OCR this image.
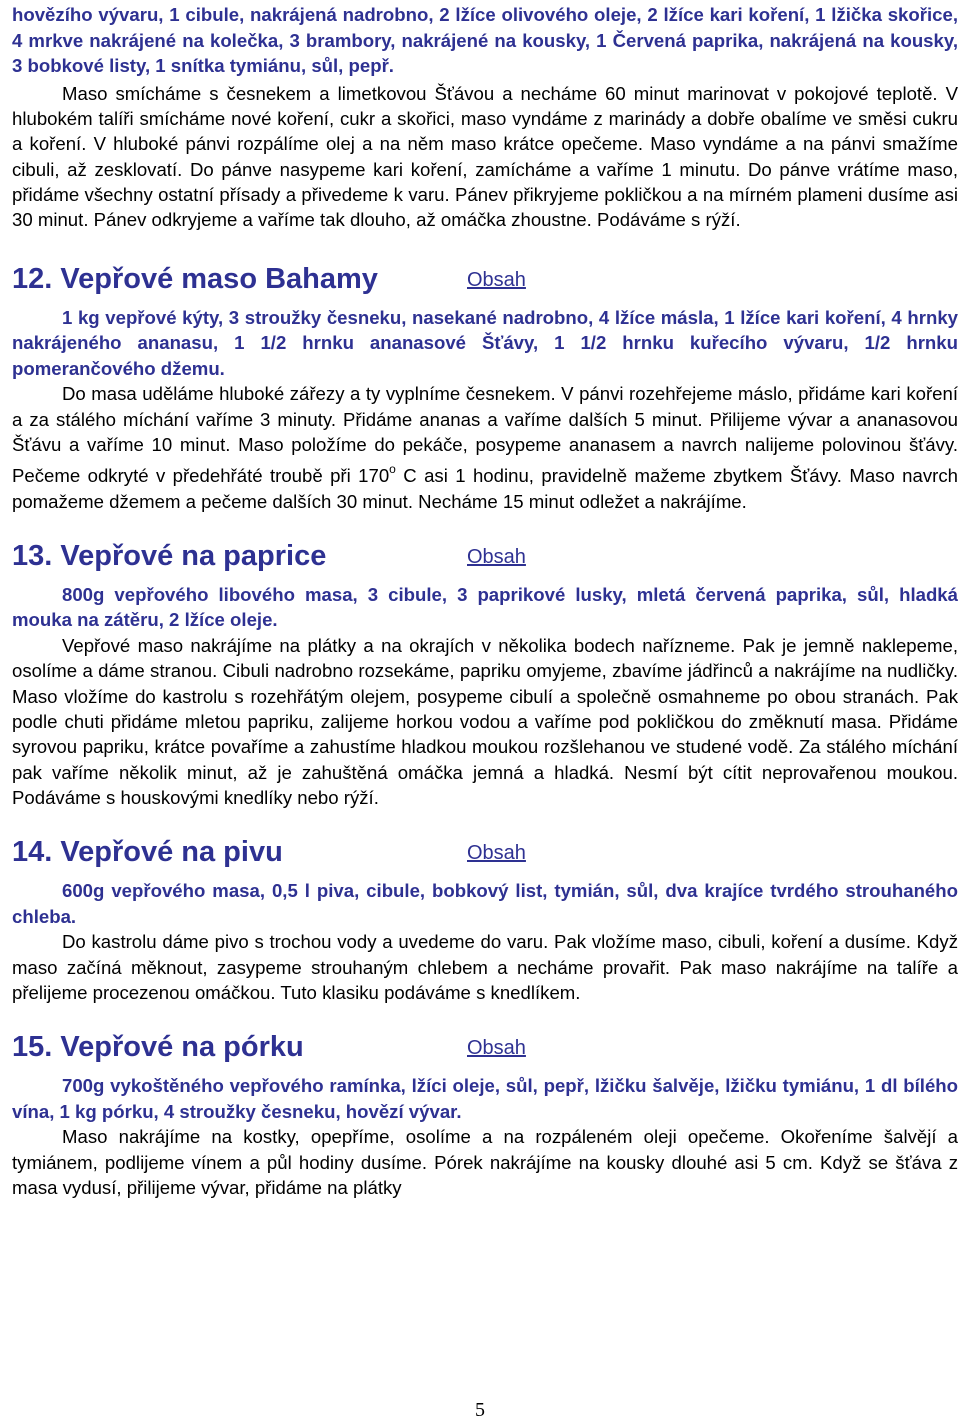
hovězího vývaru, 1 cibule, nakrájená nadrobno, 2 lžíce olivového oleje, 2 lžíce kari koření, 1 lžička skořice, 4 mrkve nakrájené na kolečka, 3 brambory, nakrájené na kousky, 1 Červená paprika, nakrájená na kousky, 3 bobkové listy, 1 snítka tymiánu, sůl, pepř.

Maso smícháme s česnekem a limetkovou Šťávou a necháme 60 minut marinovat v pokojové teplotě. V hlubokém talíři smícháme nové koření, cukr a skořici, maso vyndáme z marinády a dobře obalíme ve směsi cukru a koření. V hluboké pánvi rozpálíme olej a na něm maso krátce opečeme. Maso vyndáme a na pánvi smažíme cibuli, až zesklovatí. Do pánve nasypeme kari koření, zamícháme a vaříme 1 minutu. Do pánve vrátíme maso, přidáme všechny ostatní přísady a přivedeme k varu. Pánev přikryjeme pokličkou a na mírném plameni dusíme asi 30 minut. Pánev odkryjeme a vaříme tak dlouho, až omáčka zhoustne. Podáváme s rýží.

12. Vepřové maso Bahamy	Obsah

1 kg vepřové kýty, 3 stroužky česneku, nasekané nadrobno, 4 lžíce másla, 1 lžíce kari koření, 4 hrnky nakrájeného ananasu, 1 1/2 hrnku ananasové Šťávy, 1 1/2 hrnku kuřecího vývaru, 1/2 hrnku pomerančového džemu.

Do masa uděláme hluboké zářezy a ty vyplníme česnekem. V pánvi rozehřejeme máslo, přidáme kari koření a za stálého míchání vaříme 3 minuty. Přidáme ananas a vaříme dalších 5 minut. Přilijeme vývar a ananasovou Šťávu a vaříme 10 minut. Maso položíme do pekáče, posypeme ananasem a navrch nalijeme polovinou šťávy. Pečeme odkryté v předehřáté troubě při 170$^o$ C asi 1 hodinu, pravidelně mažeme zbytkem Šťávy. Maso navrch pomažeme džemem a pečeme dalších 30 minut. Necháme 15 minut odležet a nakrájíme.

13. Vepřové na paprice	Obsah

800g vepřového libového masa, 3 cibule, 3 paprikové lusky, mletá červená paprika, sůl, hladká mouka na zátěru, 2 lžíce oleje.

Vepřové maso nakrájíme na plátky a na okrajích v několika bodech nařízneme. Pak je jemně naklepeme, osolíme a dáme stranou. Cibuli nadrobno rozsekáme, papriku omyjeme, zbavíme jádřinců a nakrájíme na nudličky. Maso vložíme do kastrolu s rozehřátým olejem, posypeme cibulí a společně osmahneme po obou stranách. Pak podle chuti přidáme mletou papriku, zalijeme horkou vodou a vaříme pod pokličkou do změknutí masa. Přidáme syrovou papriku, krátce povaříme a zahustíme hladkou moukou rozšlehanou ve studené vodě. Za stálého míchání pak vaříme několik minut, až je zahuštěná omáčka jemná a hladká. Nesmí být cítit neprovařenou moukou. Podáváme s houskovými knedlíky nebo rýží.

14. Vepřové na pivu	Obsah

600g vepřového masa, 0,5 l piva, cibule, bobkový list, tymián, sůl, dva krajíce tvrdého strouhaného chleba.

Do kastrolu dáme pivo s trochou vody a uvedeme do varu. Pak vložíme maso, cibuli, koření a dusíme. Když maso začíná měknout, zasypeme strouhaným chlebem a necháme provařit. Pak maso nakrájíme na talíře a přelijeme procezenou omáčkou. Tuto klasiku podáváme s knedlíkem.

15. Vepřové na pórku	Obsah

700g vykoštěného vepřového ramínka, lžíci oleje, sůl, pepř, lžičku šalvěje, lžičku tymiánu, 1 dl bílého vína, 1 kg pórku, 4 stroužky česneku, hovězí vývar.

Maso nakrájíme na kostky, opepříme, osolíme a na rozpáleném oleji opečeme. Okořeníme šalvějí a tymiánem, podlijeme vínem a půl hodiny dusíme. Pórek nakrájíme na kousky dlouhé asi 5 cm. Když se šťáva z masa vydusí, přilijeme vývar, přidáme na plátky

5
